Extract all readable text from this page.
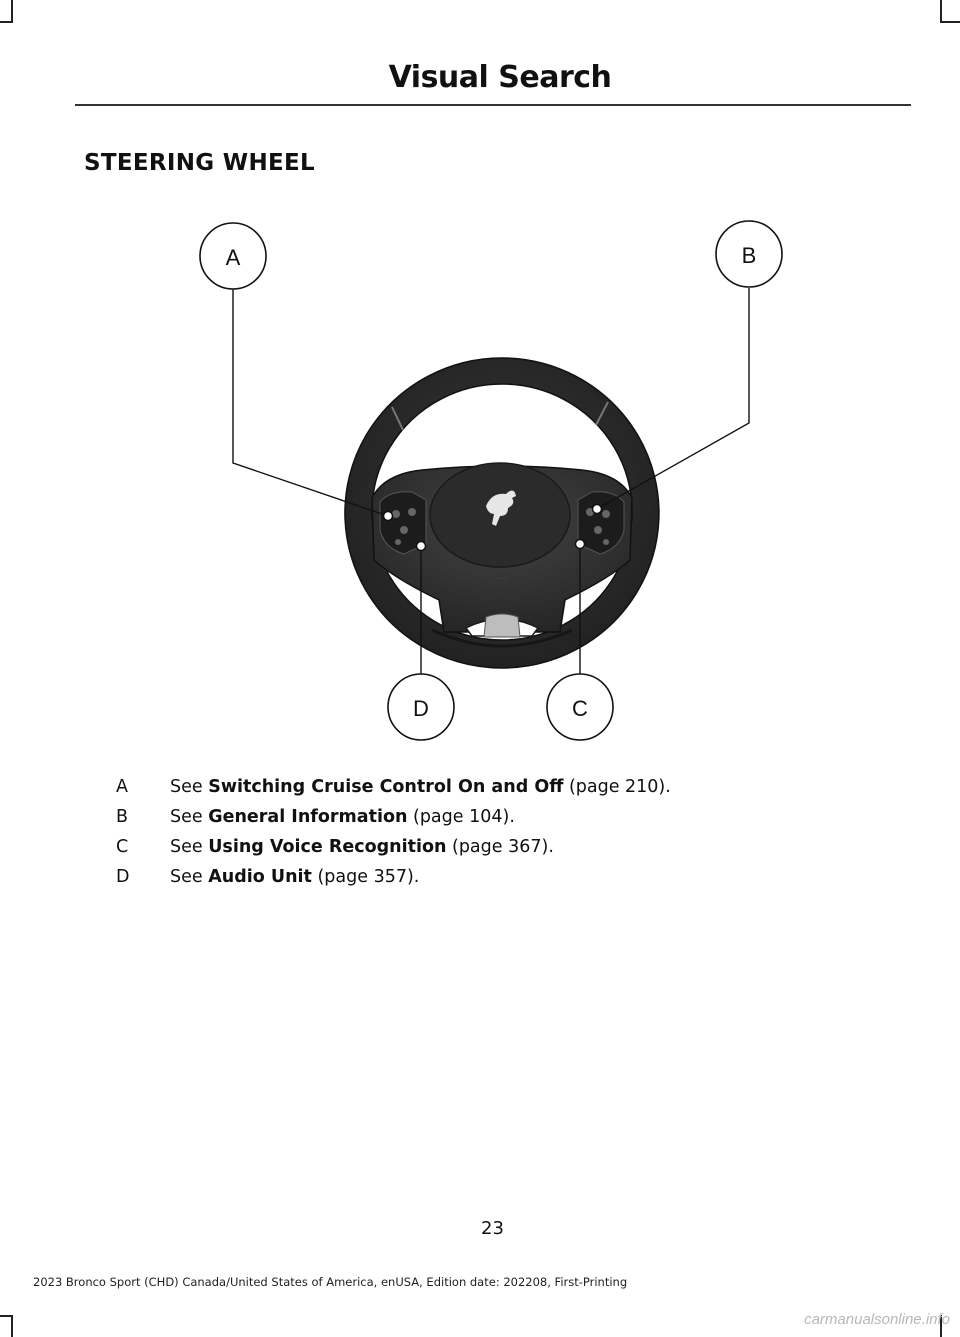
Visual Search
STEERING WHEEL
· · ·
A	B
C
D
A See Switching Cruise Control On and Off (page 210).
B See General Information (page 104).
C See Using Voice Recognition (page 367).
D See Audio Unit (page 357).
23
2023 Bronco Sport (CHD) Canada/United States of America, enUSA, Edition date: 202208, First-Printing
carmanualsonline.info
